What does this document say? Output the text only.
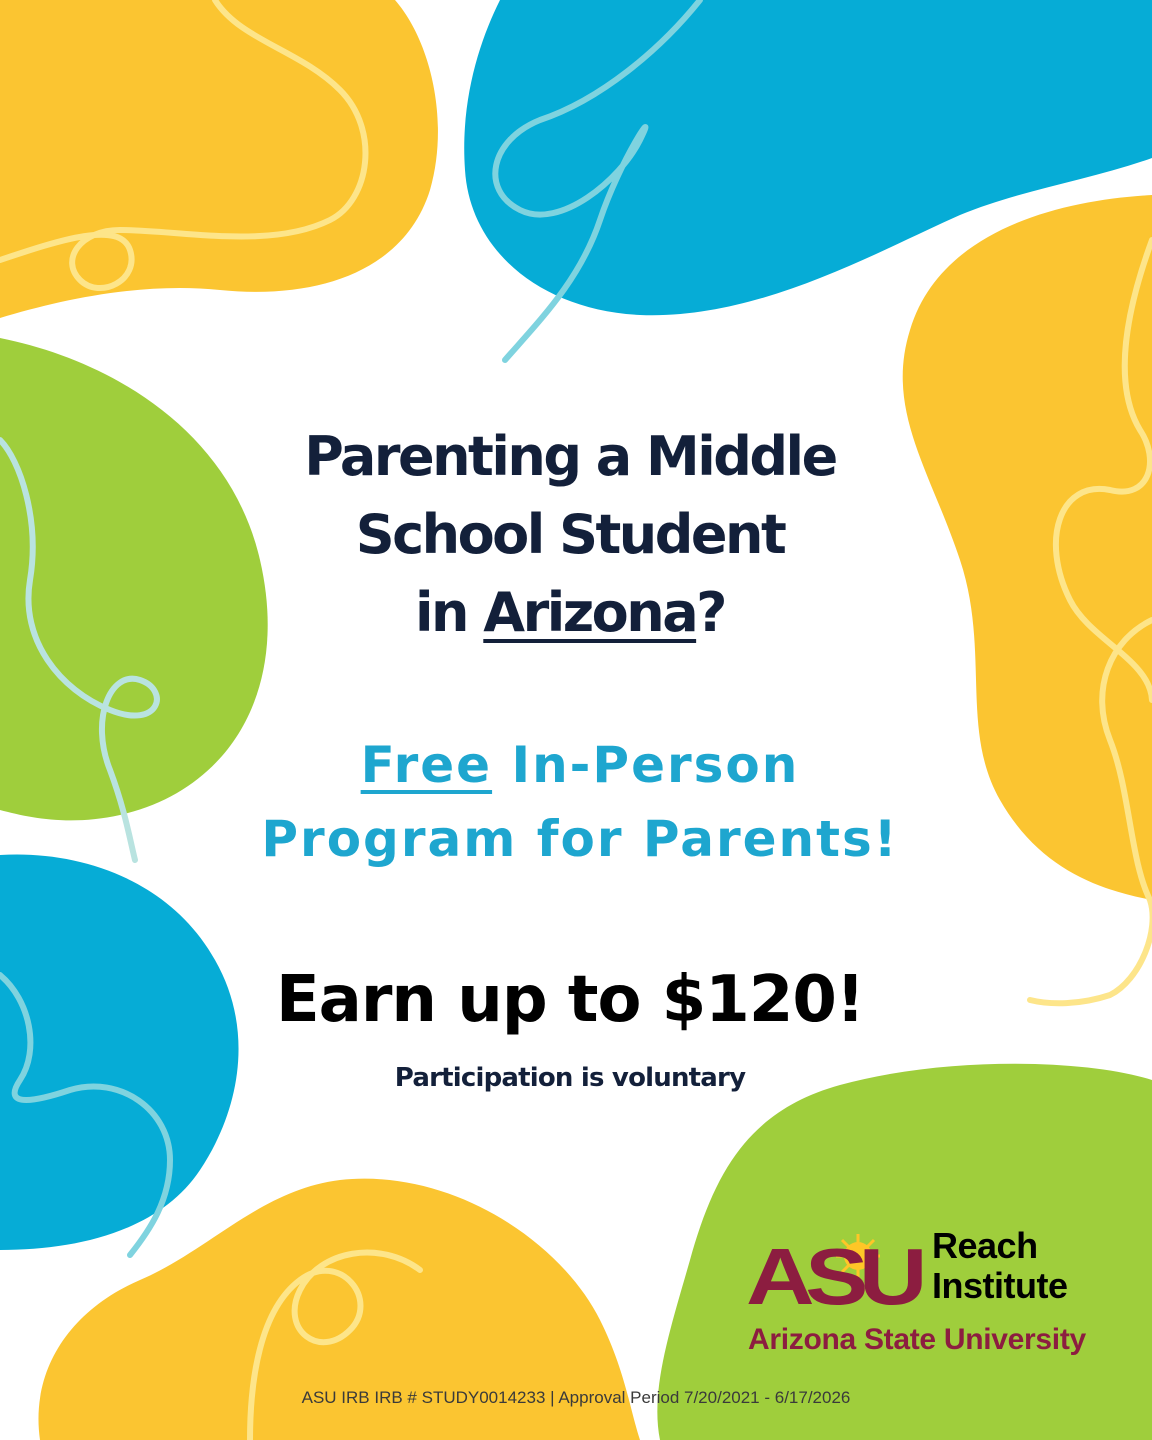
Parenting a Middle
School Student
in Arizona?
Free In-Person
Program for Parents!
Earn up to $120!
Participation is voluntary
ASU Reach
Institute
Arizona State University
ASU IRB IRB # STUDY0014233 | Approval Period 7/20/2021 - 6/17/2026
